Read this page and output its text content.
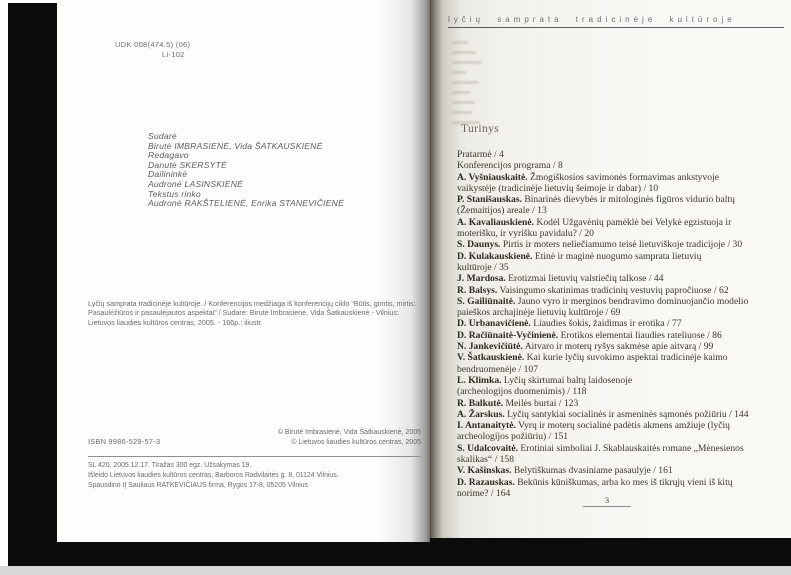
UDK 008(474.5) (06)
Li-102
Sudarė
Birutė IMBRASIENĖ, Vida ŠATKAUSKIENĖ
Redagavo
Danutė SKERSYTĖ
Dailininkė
Audronė LASINSKIENĖ
Tekstus rinko
Audronė RAKŠTELIENĖ, Enrika STANEVIČIENĖ
Lyčių samprata tradicinėje kultūroje. / Konferencijos medžiaga iš konferencijų ciklo “Būtis, gimtis, mirtis: Pasaulėžiūros ir pasaulėjautos aspektai” / Sudarė: Birutė Imbrasienė, Vida Šatkauskienė - Vilnius: Lietuvos liaudies kultūros centras, 2005. - 166p.: iliustr.
© Birutė Imbrasienė, Vida Šatkauskienė, 2005
© Lietuvos liaudies kultūros centras, 2005
ISBN 9986-529-57-3
SL 420. 2005.12.17. Tiražas 300 egz. Užsakymas 19.
Išleido Lietuvos liaudies kultūros centras, Barboros Radvilaitės g. 8, 01124 Vilnius.
Spausdino IĮ Sauliaus RATKEVIČIAUS firma, Rygos 17-8, 05205 Vilnius
lyčių samprata tradicinėje kultūroje
Turinys
Pratarmė / 4
Konferencijos programa / 8
A. Vyšniauskaitė. Žmogiškosios savimonės formavimas ankstyvoje
vaikystėje (tradicinėje lietuvių šeimoje ir dabar) / 10
P. Stanišauskas. Binarinės dievybės ir mitologinės figūros vidurio baltų
(Žemaitijos) areale / 13
A. Kavaliauskienė. Kodėl Užgavėnių pamėklė bei Velykė egzistuoja ir
moterišku, ir vyrišku pavidalu? / 20
S. Daunys. Pirtis ir moters neliečiamumo teisė lietuviškoje tradicijoje / 30
D. Kulakauskienė. Etinė ir maginė nuogumo samprata lietuvių
kultūroje / 35
J. Mardosa. Erotizmai lietuvių valstiečių talkose / 44
R. Balsys. Vaisingumo skatinimas tradicinių vestuvių papročiuose / 62
S. Gailiūnaitė. Jauno vyro ir merginos bendravimo dominuojančio modelio
paieškos archajinėje lietuvių kultūroje / 69
D. Urbanavičienė. Liaudies šokis, žaidimas ir erotika / 77
D. Račiūnaitė-Vyčinienė. Erotikos elementai liaudies rateliuose / 86
N. Jankevičiūtė. Aitvaro ir moterų ryšys sakmėse apie aitvarą / 99
V. Šatkauskienė. Kai kurie lyčių suvokimo aspektai tradicinėje kaimo
bendruomenėje / 107
L. Klimka. Lyčių skirtumai baltų laidosenoje
(archeologijos duomenimis) / 118
R. Balkutė. Meilės burtai / 123
A. Žarskus. Lyčių santykiai socialinės ir asmeninės sąmonės požiūriu / 144
I. Antanaitytė. Vyrų ir moterų socialinė padėtis akmens amžiuje (lyčių
archeologijos požiūriu) / 151
S. Udalcovaitė. Erotiniai simboliai J. Skablauskaitės romane „Mėnesienos
skalikas“ / 158
V. Kašinskas. Belytiškumas dvasiniame pasaulyje / 161
D. Razauskas. Bekūnis kūniškumas, arba ko mes iš tikrųjų vieni iš kitų
norime? / 164
3
